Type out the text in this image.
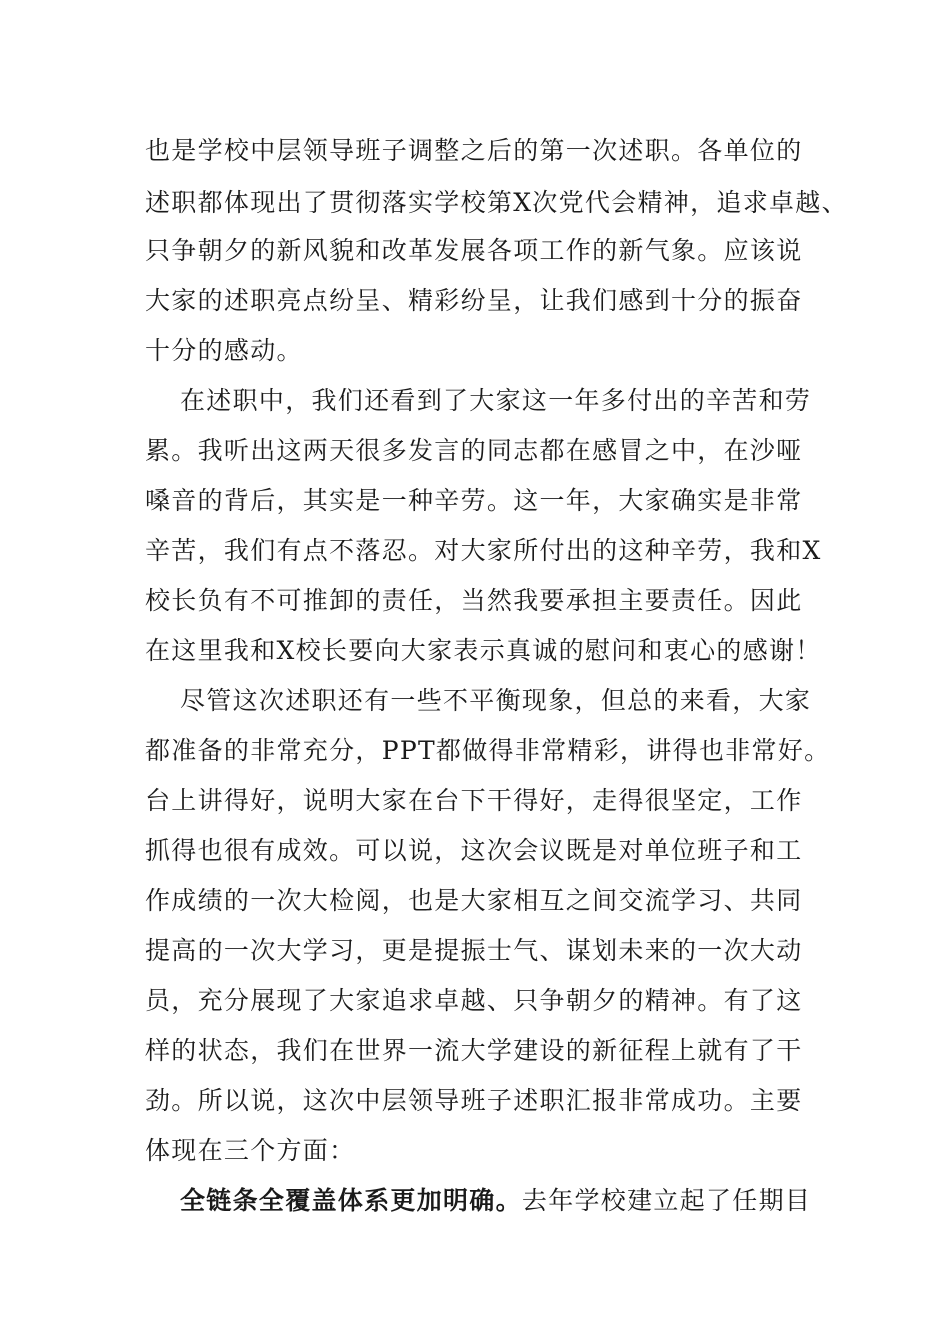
也是学校中层领导班子调整之后的第一次述职。各单位的
述职都体现出了贯彻落实学校第X次党代会精神，追求卓越、
只争朝夕的新风貌和改革发展各项工作的新气象。应该说
大家的述职亮点纷呈、精彩纷呈，让我们感到十分的振奋
十分的感动。
在述职中，我们还看到了大家这一年多付出的辛苦和劳
累。我听出这两天很多发言的同志都在感冒之中，在沙哑
嗓音的背后，其实是一种辛劳。这一年，大家确实是非常
辛苦，我们有点不落忍。对大家所付出的这种辛劳，我和X
校长负有不可推卸的责任，当然我要承担主要责任。因此
在这里我和X校长要向大家表示真诚的慰问和衷心的感谢！
尽管这次述职还有一些不平衡现象，但总的来看，大家
都准备的非常充分，PPT都做得非常精彩，讲得也非常好。
台上讲得好，说明大家在台下干得好，走得很坚定，工作
抓得也很有成效。可以说，这次会议既是对单位班子和工
作成绩的一次大检阅，也是大家相互之间交流学习、共同
提高的一次大学习，更是提振士气、谋划未来的一次大动
员，充分展现了大家追求卓越、只争朝夕的精神。有了这
样的状态，我们在世界一流大学建设的新征程上就有了干
劲。所以说，这次中层领导班子述职汇报非常成功。主要
体现在三个方面：
全链条全覆盖体系更加明确。去年学校建立起了任期目
